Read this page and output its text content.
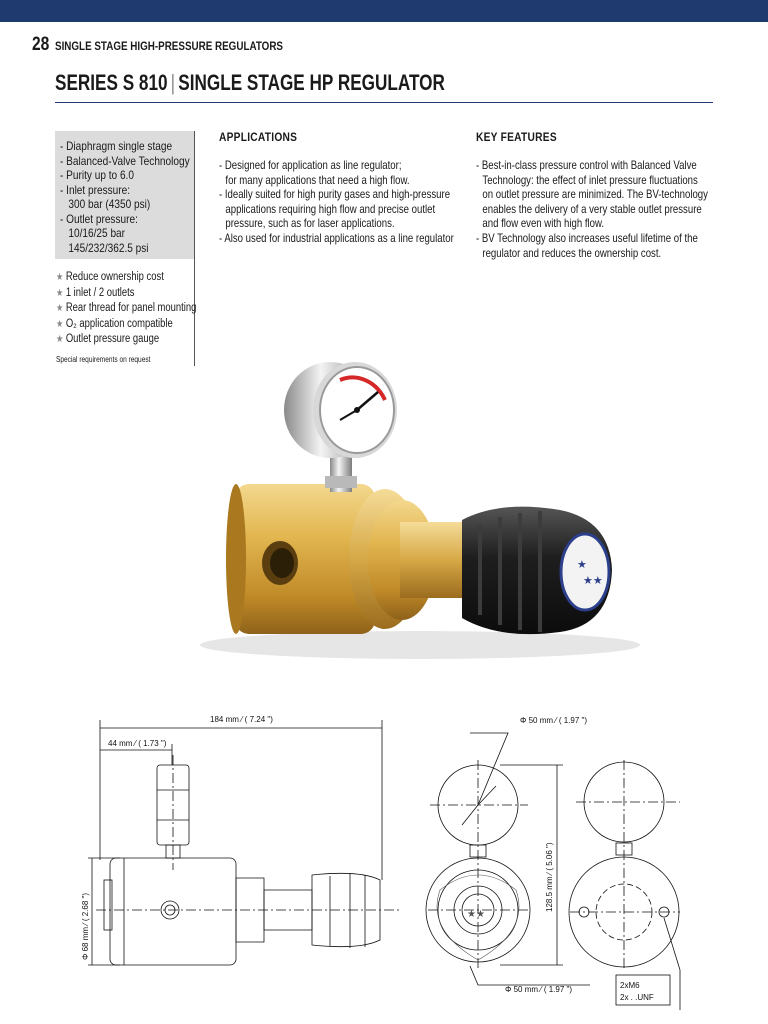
28 SINGLE STAGE HIGH-PRESSURE REGULATORS
SERIES S 810 | SINGLE STAGE HP REGULATOR
- Diaphragm single stage
- Balanced-Valve Technology
- Purity up to 6.0
- Inlet pressure:
300 bar (4350 psi)
- Outlet pressure:
10/16/25 bar
145/232/362.5 psi
★ Reduce ownership cost
★ 1 inlet / 2 outlets
★ Rear thread for panel mounting
★ O₂ application compatible
★ Outlet pressure gauge
Special requirements on request
APPLICATIONS
- Designed for application as line regulator;
for many applications that need a high flow.
- Ideally suited for high purity gases and high-pressure
applications requiring high flow and precise outlet
pressure, such as for laser applications.
- Also used for industrial applications as a line regulator
KEY FEATURES
- Best-in-class pressure control with Balanced Valve
Technology: the effect of inlet pressure fluctuations
on outlet pressure are minimized. The BV-technology
enables the delivery of a very stable outlet pressure
and flow even with high flow.
- BV Technology also increases useful lifetime of the
regulator and reduces the ownership cost.
★
★★
★★
184 mm ⁄ ( 7.24 ")
44 mm ⁄ ( 1.73 ")
Φ 68 mm ⁄ ( 2.68 ")
Φ 50 mm ⁄ ( 1.97 ")
128.5 mm ⁄ ( 5.06 ")
Φ 50 mm ⁄ ( 1.97 ")	2xM6
2x . .UNF
